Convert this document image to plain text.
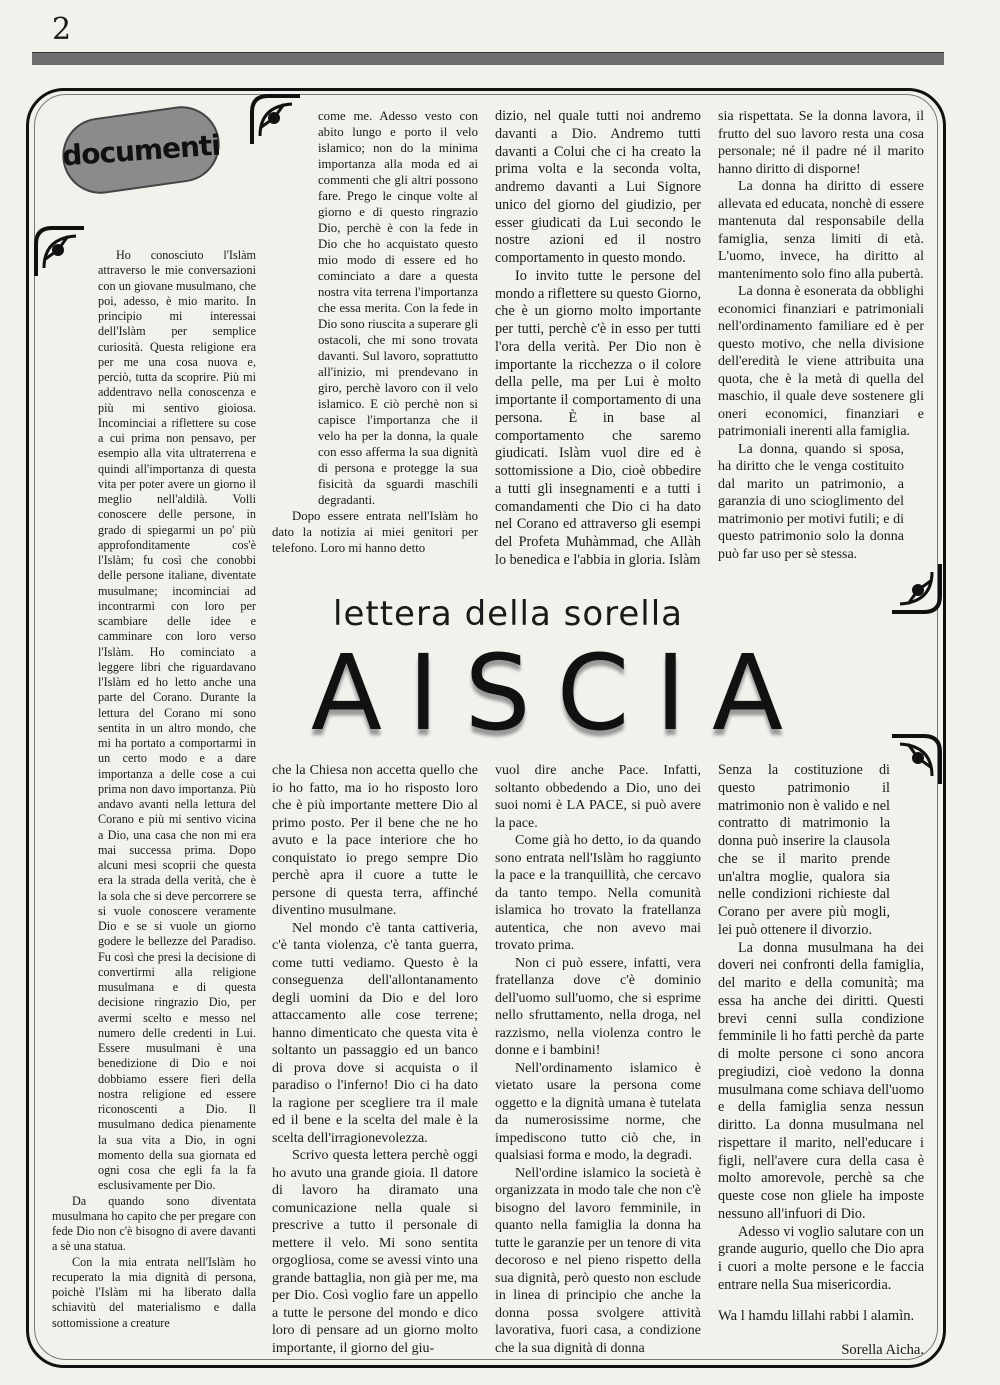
2
documenti
lettera della sorella
AISCIA

Ho conosciuto l'Islàm attraverso le mie conversazioni con un giovane musulmano, che poi, adesso, è mio marito. In principio mi interessai dell'Islàm per semplice curiosità. Questa religione era per me una cosa nuova e, perciò, tutta da scoprire. Più mi addentravo nella conoscenza e più mi sentivo gioiosa. Incominciai a riflettere su cose a cui prima non pensavo, per esempio alla vita ultraterrena e quindi all'importanza di questa vita per poter avere un giorno il meglio nell'aldilà. Volli conoscere delle persone, in grado di spiegarmi un po' più approfonditamente cos'è l'Islàm; fu così che conobbi delle persone italiane, diventate musulmane; incominciai ad incontrarmi con loro per scambiare delle idee e camminare con loro verso l'Islàm. Ho cominciato a leggere libri che riguardavano l'Islàm ed ho letto anche una parte del Corano. Durante la lettura del Corano mi sono sentita in un altro mondo, che mi ha portato a comportarmi in un certo modo e a dare importanza a delle cose a cui prima non davo importanza. Più andavo avanti nella lettura del Corano e più mi sentivo vicina a Dio, una casa che non mi era mai successa prima. Dopo alcuni mesi scoprii che questa era la strada della verità, che è la sola che si deve percorrere se si vuole conoscere veramente Dio e se si vuole un giorno godere le bellezze del Paradiso. Fu così che presi la decisione di convertirmi alla religione musulmana e di questa decisione ringrazio Dio, per avermi scelto e messo nel numero delle credenti in Lui. Essere musulmani è una benedizione di Dio e noi dobbiamo essere fieri della nostra religione ed essere riconoscenti a Dio. Il musulmano dedica pienamente la sua vita a Dio, in ogni momento della sua giornata ed ogni cosa che egli fa la fa esclusivamente per Dio.

Da quando sono diventata musulmana ho capito che per pregare con fede Dio non c'è bisogno di avere davanti a sè una statua.

Con la mia entrata nell'Islàm ho recuperato la mia dignità di persona, poichè l'Islàm mi ha liberato dalla schiavitù del materialismo e dalla sottomissione a creature

come me. Adesso vesto con abito lungo e porto il velo islamico; non do la minima importanza alla moda ed ai commenti che gli altri possono fare. Prego le cinque volte al giorno e di questo ringrazio Dio, perchè è con la fede in Dio che ho acquistato questo mio modo di essere ed ho cominciato a dare a questa nostra vita terrena l'importanza che essa merita. Con la fede in Dio sono riuscita a superare gli ostacoli, che mi sono trovata davanti. Sul lavoro, soprattutto all'inizio, mi prendevano in giro, perchè lavoro con il velo islamico. E ciò perchè non si capisce l'importanza che il velo ha per la donna, la quale con esso afferma la sua dignità di persona e protegge la sua fisicità da sguardi maschili degradanti.

Dopo essere entrata nell'Islàm ho dato la notizia ai miei genitori per telefono. Loro mi hanno detto

dizio, nel quale tutti noi andremo davanti a Dio. Andremo tutti davanti a Colui che ci ha creato la prima volta e la seconda volta, andremo davanti a Lui Signore unico del giorno del giudizio, per esser giudicati da Lui secondo le nostre azioni ed il nostro comportamento in questo mondo.

Io invito tutte le persone del mondo a riflettere su questo Giorno, che è un giorno molto importante per tutti, perchè c'è in esso per tutti l'ora della verità. Per Dio non è importante la ricchezza o il colore della pelle, ma per Lui è molto importante il comportamento di una persona. È in base al comportamento che saremo giudicati. Islàm vuol dire ed è sottomissione a Dio, cioè obbedire a tutti gli insegnamenti e a tutti i comandamenti che Dio ci ha dato nel Corano ed attraverso gli esempi del Profeta Muhàmmad, che Allàh lo benedica e l'abbia in gloria. Islàm

sia rispettata. Se la donna lavora, il frutto del suo lavoro resta una cosa personale; né il padre né il marito hanno diritto di disporne!

La donna ha diritto di essere allevata ed educata, nonchè di essere mantenuta dal responsabile della famiglia, senza limiti di età. L'uomo, invece, ha diritto al mantenimento solo fino alla pubertà.

La donna è esonerata da obblighi economici finanziari e patrimoniali nell'ordinamento familiare ed è per questo motivo, che nella divisione dell'eredità le viene attribuita una quota, che è la metà di quella del maschio, il quale deve sostenere gli oneri economici, finanziari e patrimoniali inerenti alla famiglia.

La donna, quando si sposa, ha diritto che le venga costituito dal marito un patrimonio, a garanzia di uno scioglimento del matrimonio per motivi futili; e di questo patrimonio solo la donna può far uso per sè stessa.

che la Chiesa non accetta quello che io ho fatto, ma io ho risposto loro che è più importante mettere Dio al primo posto. Per il bene che ne ho avuto e la pace interiore che ho conquistato io prego sempre Dio perchè apra il cuore a tutte le persone di questa terra, affinché diventino musulmane.

Nel mondo c'è tanta cattiveria, c'è tanta violenza, c'è tanta guerra, come tutti vediamo. Questo è la conseguenza dell'allontanamento degli uomini da Dio e del loro attaccamento alle cose terrene; hanno dimenticato che questa vita è soltanto un passaggio ed un banco di prova dove si acquista o il paradiso o l'inferno! Dio ci ha dato la ragione per scegliere tra il male ed il bene e la scelta del male è la scelta dell'irragionevolezza.

Scrivo questa lettera perchè oggi ho avuto una grande gioia. Il datore di lavoro ha diramato una comunicazione nella quale si prescrive a tutto il personale di mettere il velo. Mi sono sentita orgogliosa, come se avessi vinto una grande battaglia, non già per me, ma per Dio. Così voglio fare un appello a tutte le persone del mondo e dico loro di pensare ad un giorno molto importante, il giorno del giu-

vuol dire anche Pace. Infatti, soltanto obbedendo a Dio, uno dei suoi nomi è LA PACE, si può avere la pace.

Come già ho detto, io da quando sono entrata nell'Islàm ho raggiunto la pace e la tranquillità, che cercavo da tanto tempo. Nella comunità islamica ho trovato la fratellanza autentica, che non avevo mai trovato prima.

Non ci può essere, infatti, vera fratellanza dove c'è dominio dell'uomo sull'uomo, che si esprime nello sfruttamento, nella droga, nel razzismo, nella violenza contro le donne e i bambini!

Nell'ordinamento islamico è vietato usare la persona come oggetto e la dignità umana è tutelata da numerosissime norme, che impediscono tutto ciò che, in qualsiasi forma e modo, la degradi.

Nell'ordine islamico la società è organizzata in modo tale che non c'è bisogno del lavoro femminile, in quanto nella famiglia la donna ha tutte le garanzie per un tenore di vita decoroso e nel pieno rispetto della sua dignità, però questo non esclude in linea di principio che anche la donna possa svolgere attività lavorativa, fuori casa, a condizione che la sua dignità di donna

Senza la costituzione di questo patrimonio il matrimonio non è valido e nel contratto di matrimonio la donna può inserire la clausola che se il marito prende un'altra moglie, qualora sia nelle condizioni richieste dal Corano per avere più mogli, lei può ottenere il divorzio.

La donna musulmana ha dei doveri nei confronti della famiglia, del marito e della comunità; ma essa ha anche dei diritti. Questi brevi cenni sulla condizione femminile li ho fatti perchè da parte di molte persone ci sono ancora pregiudizi, cioè vedono la donna musulmana come schiava dell'uomo e della famiglia senza nessun diritto. La donna musulmana nel rispettare il marito, nell'educare i figli, nell'avere cura della casa è molto amorevole, perchè sa che queste cose non gliele ha imposte nessuno all'infuori di Dio.

Adesso vi voglio salutare con un grande augurio, quello che Dio apra i cuori a molte persone e le faccia entrare nella Sua misericordia.

Wa l hamdu lillahi rabbi l alamìn.
Sorella Aicha.
